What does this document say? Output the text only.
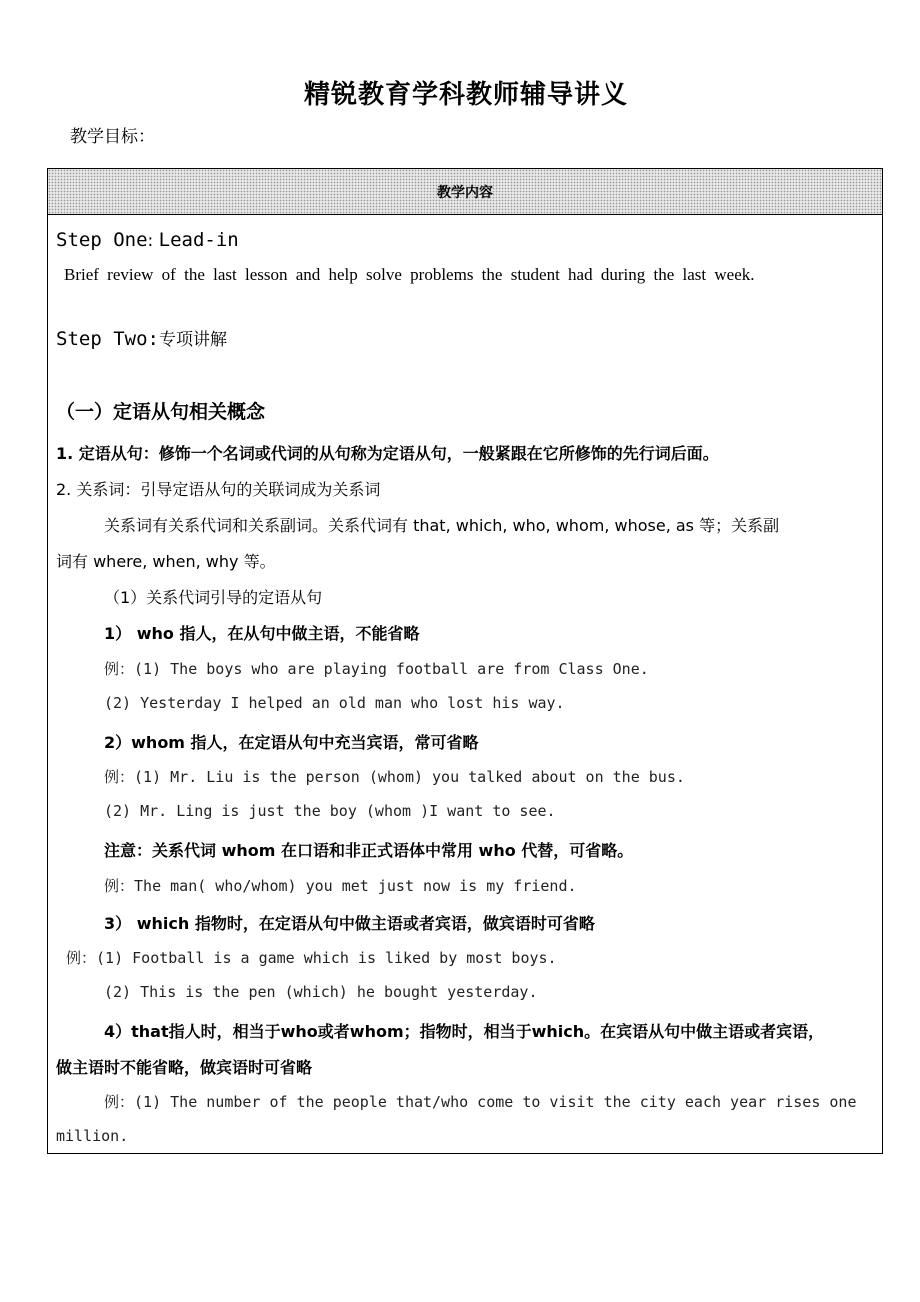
精锐教育学科教师辅导讲义
教学目标：
教学内容
Step One: Lead-in
Brief review of the last lesson and help solve problems the student had during the last week.
Step Two:专项讲解
（一）定语从句相关概念
1. 定语从句：修饰一个名词或代词的从句称为定语从句，一般紧跟在它所修饰的先行词后面。
2. 关系词：引导定语从句的关联词成为关系词
关系词有关系代词和关系副词。关系代词有 that, which, who, whom, whose, as 等；关系副
词有 where, when, why 等。
（1）关系代词引导的定语从句
1） who 指人，在从句中做主语，不能省略
例：(1) The boys who are playing football are from Class One.
(2) Yesterday I helped an old man who lost his way.
2）whom 指人，在定语从句中充当宾语，常可省略
例：(1) Mr. Liu is the person (whom) you talked about on the bus.
(2) Mr. Ling is just the boy (whom )I want to see.
注意：关系代词 whom 在口语和非正式语体中常用 who 代替，可省略。
例：The man( who/whom) you met just now is my friend.
3） which 指物时，在定语从句中做主语或者宾语，做宾语时可省略
例：(1) Football is a game which is liked by most boys.
(2) This is the pen (which) he bought yesterday.
4）that指人时，相当于who或者whom；指物时，相当于which。在宾语从句中做主语或者宾语，
做主语时不能省略，做宾语时可省略
例：(1) The number of the people that/who come to visit the city each year rises one
million.
